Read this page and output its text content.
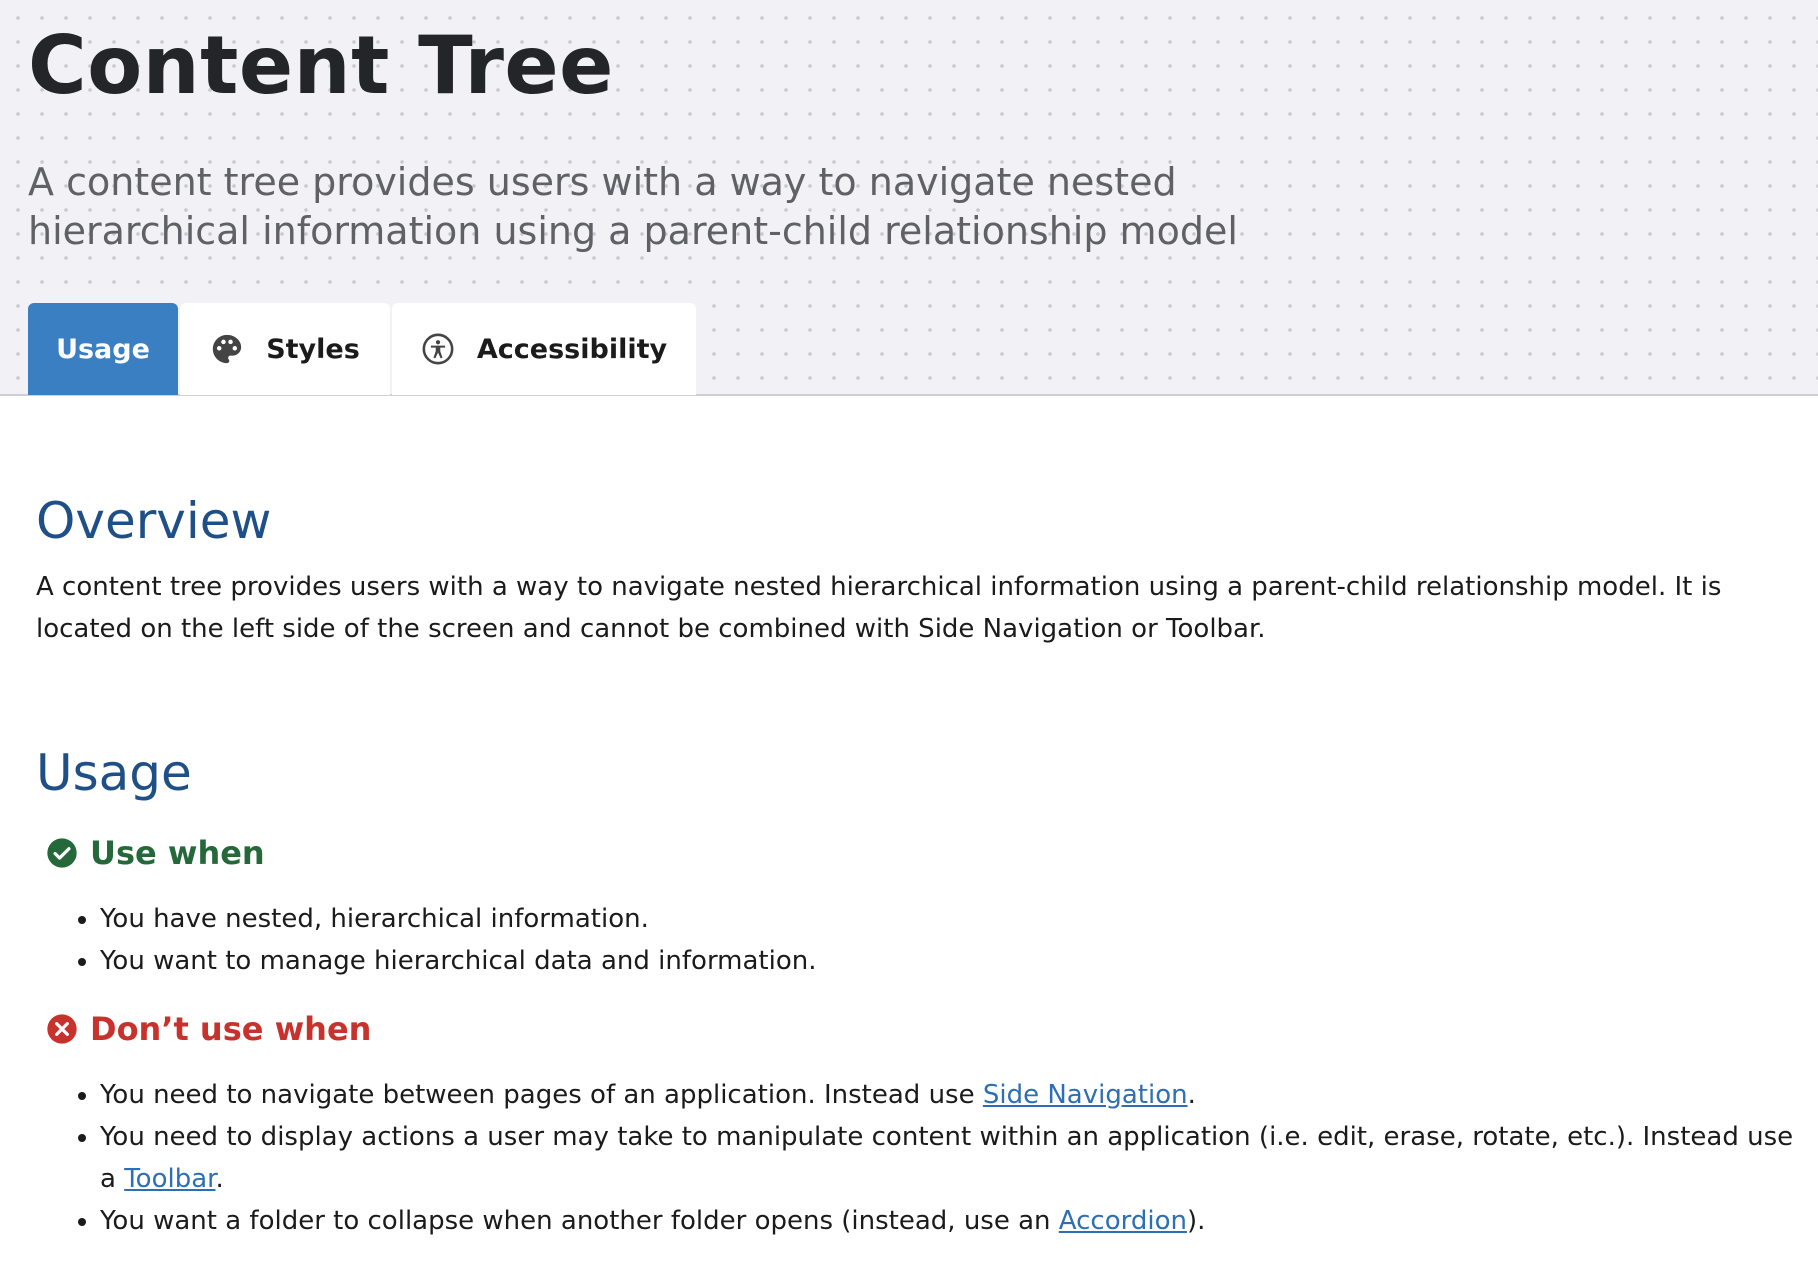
Content Tree

A content tree provides users with a way to navigate nested hierarchical information using a parent-child relationship model

Usage	Styles	Accessibility
Overview

A content tree provides users with a way to navigate nested hierarchical information using a parent-child relationship model. It is located on the left side of the screen and cannot be combined with Side Navigation or Toolbar.

Usage
Use when
• You have nested, hierarchical information.
• You want to manage hierarchical data and information.
Don’t use when
• You need to navigate between pages of an application. Instead use Side Navigation.
• You need to display actions a user may take to manipulate content within an application (i.e. edit, erase, rotate, etc.). Instead use a Toolbar.
• You want a folder to collapse when another folder opens (instead, use an Accordion).
